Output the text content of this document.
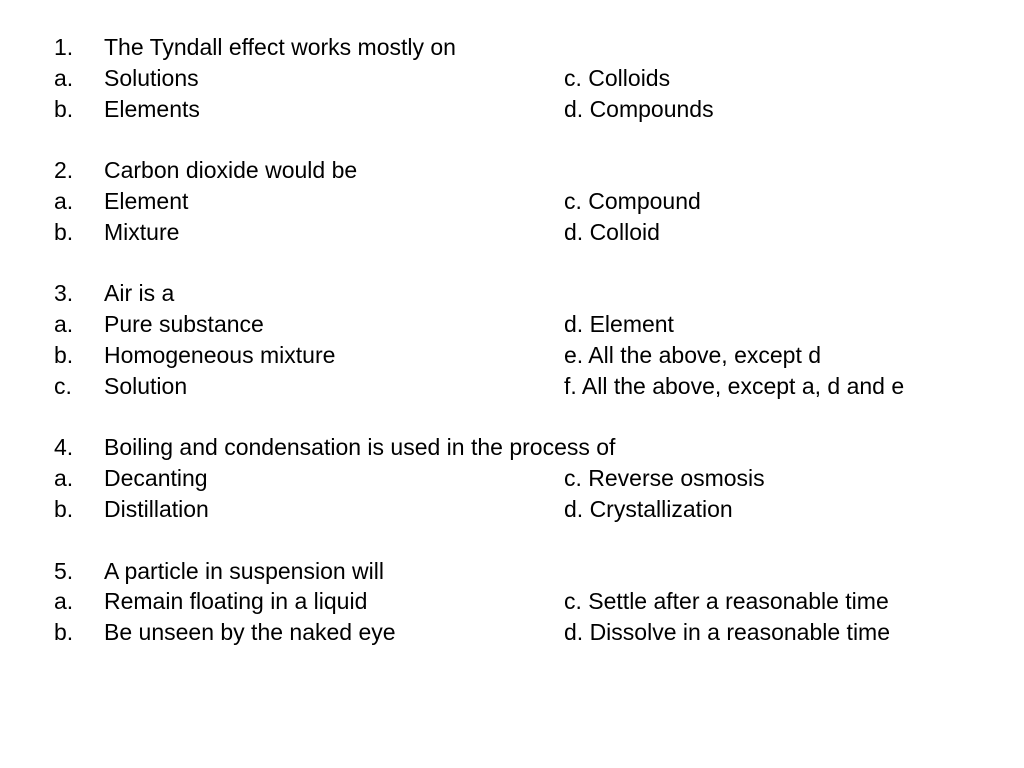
1. The Tyndall effect works mostly on
a. Solutions	c. Colloids
b. Elements	d. Compounds
2. Carbon dioxide would be
a. Element	c. Compound
b. Mixture	d. Colloid
3. Air is a
a. Pure substance	d. Element
b. Homogeneous mixture	e. All the above, except d
c. Solution	f. All the above, except a, d and e
4. Boiling and condensation is used in the process of
a. Decanting	c. Reverse osmosis
b. Distillation	d. Crystallization
5. A particle in suspension will
a. Remain floating in a liquid	c. Settle after a reasonable time
b. Be unseen by the naked eye	d. Dissolve in a reasonable time
